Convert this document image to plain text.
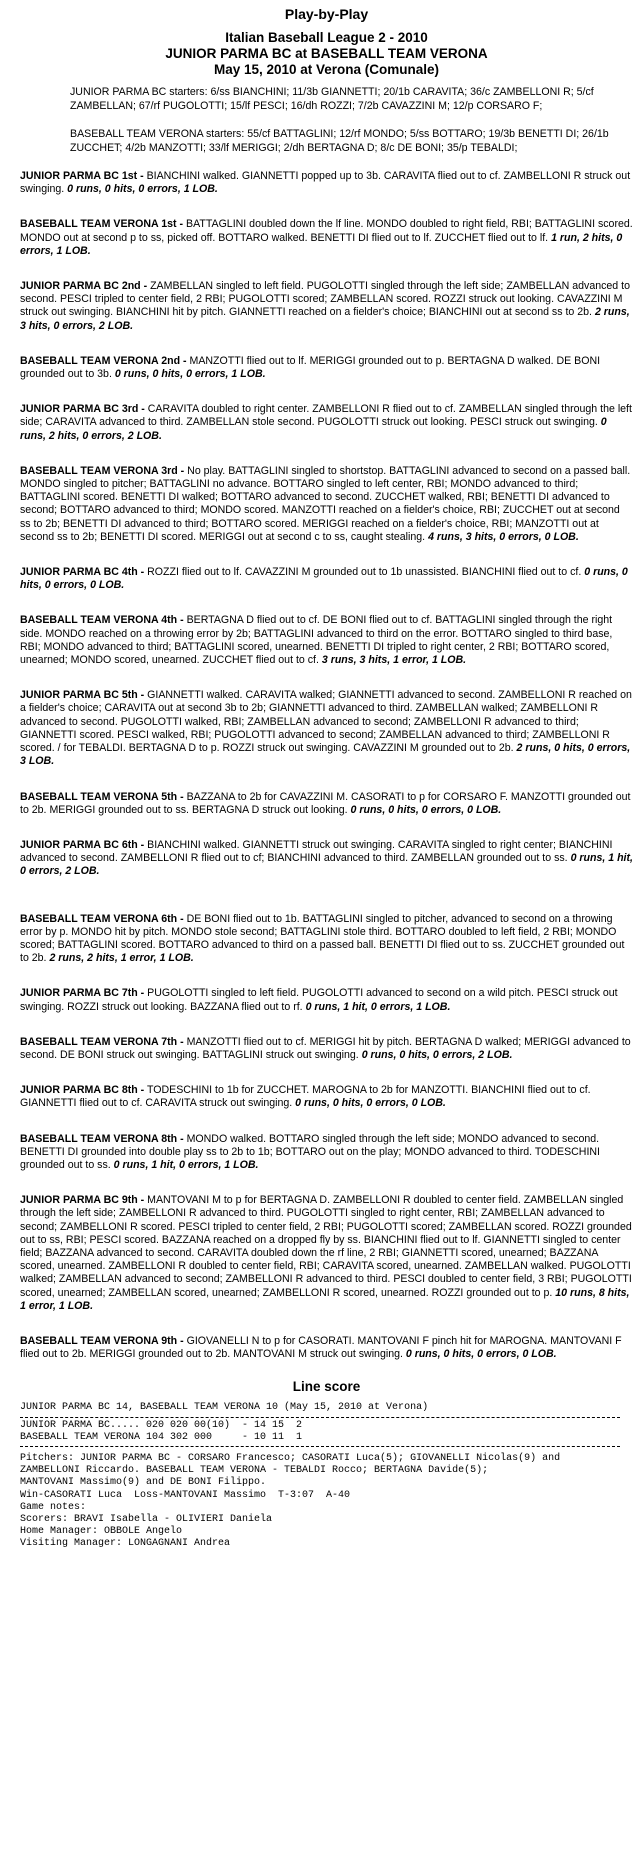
Play-by-Play
Italian Baseball League 2 - 2010
JUNIOR PARMA BC at BASEBALL TEAM VERONA
May 15, 2010 at Verona (Comunale)

JUNIOR PARMA BC starters: 6/ss BIANCHINI; 11/3b GIANNETTI; 20/1b CARAVITA; 36/c ZAMBELLONI R; 5/cf ZAMBELLAN; 67/rf PUGOLOTTI; 15/lf PESCI; 16/dh ROZZI; 7/2b CAVAZZINI M; 12/p CORSARO F;

BASEBALL TEAM VERONA starters: 55/cf BATTAGLINI; 12/rf MONDO; 5/ss BOTTARO; 19/3b BENETTI DI; 26/1b ZUCCHET; 4/2b MANZOTTI; 33/lf MERIGGI; 2/dh BERTAGNA D; 8/c DE BONI; 35/p TEBALDI;

JUNIOR PARMA BC 1st - BIANCHINI walked. GIANNETTI popped up to 3b. CARAVITA flied out to cf. ZAMBELLONI R struck out swinging. 0 runs, 0 hits, 0 errors, 1 LOB.

BASEBALL TEAM VERONA 1st - BATTAGLINI doubled down the lf line. MONDO doubled to right field, RBI; BATTAGLINI scored. MONDO out at second p to ss, picked off. BOTTARO walked. BENETTI DI flied out to lf. ZUCCHET flied out to lf. 1 run, 2 hits, 0 errors, 1 LOB.

JUNIOR PARMA BC 2nd - ZAMBELLAN singled to left field. PUGOLOTTI singled through the left side; ZAMBELLAN advanced to second. PESCI tripled to center field, 2 RBI; PUGOLOTTI scored; ZAMBELLAN scored. ROZZI struck out looking. CAVAZZINI M struck out swinging. BIANCHINI hit by pitch. GIANNETTI reached on a fielder's choice; BIANCHINI out at second ss to 2b. 2 runs, 3 hits, 0 errors, 2 LOB.

BASEBALL TEAM VERONA 2nd - MANZOTTI flied out to lf. MERIGGI grounded out to p. BERTAGNA D walked. DE BONI grounded out to 3b. 0 runs, 0 hits, 0 errors, 1 LOB.

JUNIOR PARMA BC 3rd - CARAVITA doubled to right center. ZAMBELLONI R flied out to cf. ZAMBELLAN singled through the left side; CARAVITA advanced to third. ZAMBELLAN stole second. PUGOLOTTI struck out looking. PESCI struck out swinging. 0 runs, 2 hits, 0 errors, 2 LOB.

BASEBALL TEAM VERONA 3rd - No play. BATTAGLINI singled to shortstop. BATTAGLINI advanced to second on a passed ball. MONDO singled to pitcher; BATTAGLINI no advance. BOTTARO singled to left center, RBI; MONDO advanced to third; BATTAGLINI scored. BENETTI DI walked; BOTTARO advanced to second. ZUCCHET walked, RBI; BENETTI DI advanced to second; BOTTARO advanced to third; MONDO scored. MANZOTTI reached on a fielder's choice, RBI; ZUCCHET out at second ss to 2b; BENETTI DI advanced to third; BOTTARO scored. MERIGGI reached on a fielder's choice, RBI; MANZOTTI out at second ss to 2b; BENETTI DI scored. MERIGGI out at second c to ss, caught stealing. 4 runs, 3 hits, 0 errors, 0 LOB.

JUNIOR PARMA BC 4th - ROZZI flied out to lf. CAVAZZINI M grounded out to 1b unassisted. BIANCHINI flied out to cf. 0 runs, 0 hits, 0 errors, 0 LOB.

BASEBALL TEAM VERONA 4th - BERTAGNA D flied out to cf. DE BONI flied out to cf. BATTAGLINI singled through the right side. MONDO reached on a throwing error by 2b; BATTAGLINI advanced to third on the error. BOTTARO singled to third base, RBI; MONDO advanced to third; BATTAGLINI scored, unearned. BENETTI DI tripled to right center, 2 RBI; BOTTARO scored, unearned; MONDO scored, unearned. ZUCCHET flied out to cf. 3 runs, 3 hits, 1 error, 1 LOB.

JUNIOR PARMA BC 5th - GIANNETTI walked. CARAVITA walked; GIANNETTI advanced to second. ZAMBELLONI R reached on a fielder's choice; CARAVITA out at second 3b to 2b; GIANNETTI advanced to third. ZAMBELLAN walked; ZAMBELLONI R advanced to second. PUGOLOTTI walked, RBI; ZAMBELLAN advanced to second; ZAMBELLONI R advanced to third; GIANNETTI scored. PESCI walked, RBI; PUGOLOTTI advanced to second; ZAMBELLAN advanced to third; ZAMBELLONI R scored. / for TEBALDI. BERTAGNA D to p. ROZZI struck out swinging. CAVAZZINI M grounded out to 2b. 2 runs, 0 hits, 0 errors, 3 LOB.

BASEBALL TEAM VERONA 5th - BAZZANA to 2b for CAVAZZINI M. CASORATI to p for CORSARO F. MANZOTTI grounded out to 2b. MERIGGI grounded out to ss. BERTAGNA D struck out looking. 0 runs, 0 hits, 0 errors, 0 LOB.

JUNIOR PARMA BC 6th - BIANCHINI walked. GIANNETTI struck out swinging. CARAVITA singled to right center; BIANCHINI advanced to second. ZAMBELLONI R flied out to cf; BIANCHINI advanced to third. ZAMBELLAN grounded out to ss. 0 runs, 1 hit, 0 errors, 2 LOB.

BASEBALL TEAM VERONA 6th - DE BONI flied out to 1b. BATTAGLINI singled to pitcher, advanced to second on a throwing error by p. MONDO hit by pitch. MONDO stole second; BATTAGLINI stole third. BOTTARO doubled to left field, 2 RBI; MONDO scored; BATTAGLINI scored. BOTTARO advanced to third on a passed ball. BENETTI DI flied out to ss. ZUCCHET grounded out to 2b. 2 runs, 2 hits, 1 error, 1 LOB.

JUNIOR PARMA BC 7th - PUGOLOTTI singled to left field. PUGOLOTTI advanced to second on a wild pitch. PESCI struck out swinging. ROZZI struck out looking. BAZZANA flied out to rf. 0 runs, 1 hit, 0 errors, 1 LOB.

BASEBALL TEAM VERONA 7th - MANZOTTI flied out to cf. MERIGGI hit by pitch. BERTAGNA D walked; MERIGGI advanced to second. DE BONI struck out swinging. BATTAGLINI struck out swinging. 0 runs, 0 hits, 0 errors, 2 LOB.

JUNIOR PARMA BC 8th - TODESCHINI to 1b for ZUCCHET. MAROGNA to 2b for MANZOTTI. BIANCHINI flied out to cf. GIANNETTI flied out to cf. CARAVITA struck out swinging. 0 runs, 0 hits, 0 errors, 0 LOB.

BASEBALL TEAM VERONA 8th - MONDO walked. BOTTARO singled through the left side; MONDO advanced to second. BENETTI DI grounded into double play ss to 2b to 1b; BOTTARO out on the play; MONDO advanced to third. TODESCHINI grounded out to ss. 0 runs, 1 hit, 0 errors, 1 LOB.

JUNIOR PARMA BC 9th - MANTOVANI M to p for BERTAGNA D. ZAMBELLONI R doubled to center field. ZAMBELLAN singled through the left side; ZAMBELLONI R advanced to third. PUGOLOTTI singled to right center, RBI; ZAMBELLAN advanced to second; ZAMBELLONI R scored. PESCI tripled to center field, 2 RBI; PUGOLOTTI scored; ZAMBELLAN scored. ROZZI grounded out to ss, RBI; PESCI scored. BAZZANA reached on a dropped fly by ss. BIANCHINI flied out to lf. GIANNETTI singled to center field; BAZZANA advanced to second. CARAVITA doubled down the rf line, 2 RBI; GIANNETTI scored, unearned; BAZZANA scored, unearned. ZAMBELLONI R doubled to center field, RBI; CARAVITA scored, unearned. ZAMBELLAN walked. PUGOLOTTI walked; ZAMBELLAN advanced to second; ZAMBELLONI R advanced to third. PESCI doubled to center field, 3 RBI; PUGOLOTTI scored, unearned; ZAMBELLAN scored, unearned; ZAMBELLONI R scored, unearned. ROZZI grounded out to p. 10 runs, 8 hits, 1 error, 1 LOB.

BASEBALL TEAM VERONA 9th - GIOVANELLI N to p for CASORATI. MANTOVANI F pinch hit for MAROGNA. MANTOVANI F flied out to 2b. MERIGGI grounded out to 2b. MANTOVANI M struck out swinging. 0 runs, 0 hits, 0 errors, 0 LOB.

Line score

JUNIOR PARMA BC 14, BASEBALL TEAM VERONA 10 (May 15, 2010 at Verona)

JUNIOR PARMA BC..... 020 020 00(10)  - 14 15  2

BASEBALL TEAM VERONA 104 302 000     - 10 11  1

Pitchers: JUNIOR PARMA BC - CORSARO Francesco; CASORATI Luca(5); GIOVANELLI Nicolas(9) and

ZAMBELLONI Riccardo. BASEBALL TEAM VERONA - TEBALDI Rocco; BERTAGNA Davide(5);

MANTOVANI Massimo(9) and DE BONI Filippo.

Win-CASORATI Luca  Loss-MANTOVANI Massimo  T-3:07  A-40

Game notes:

Scorers: BRAVI Isabella - OLIVIERI Daniela

Home Manager: OBBOLE Angelo

Visiting Manager: LONGAGNANI Andrea
